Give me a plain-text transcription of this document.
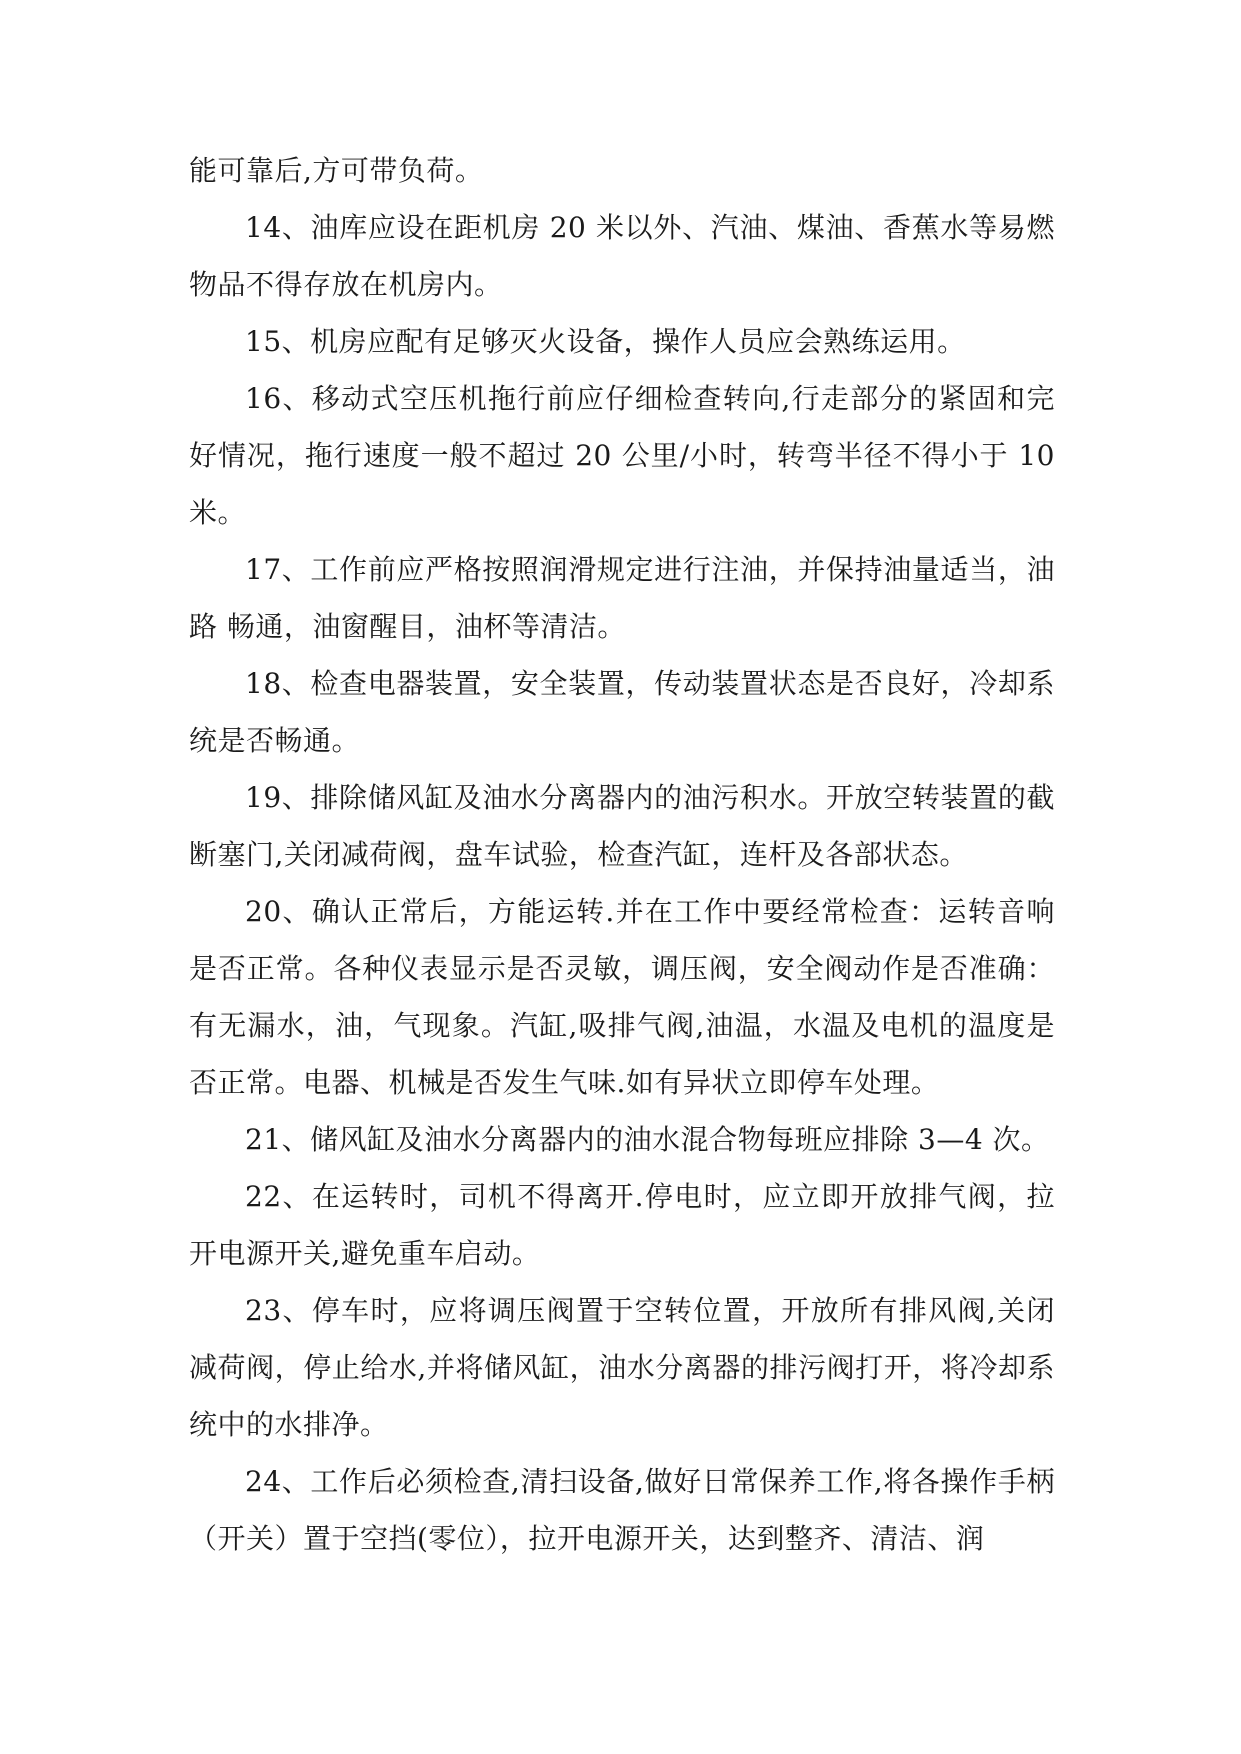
能可靠后,方可带负荷。

14、油库应设在距机房 20 米以外、汽油、煤油、香蕉水等易燃物品不得存放在机房内。

15、机房应配有足够灭火设备，操作人员应会熟练运用。

16、移动式空压机拖行前应仔细检查转向,行走部分的紧固和完好情况，拖行速度一般不超过 20 公里/小时，转弯半径不得小于 10 米。

17、工作前应严格按照润滑规定进行注油，并保持油量适当，油路 畅通，油窗醒目，油杯等清洁。

18、检查电器装置，安全装置，传动装置状态是否良好，冷却系统是否畅通。

19、排除储风缸及油水分离器内的油污积水。开放空转装置的截断塞门,关闭减荷阀，盘车试验，检查汽缸，连杆及各部状态。

20、确认正常后，方能运转.并在工作中要经常检查：运转音响是否正常。各种仪表显示是否灵敏，调压阀，安全阀动作是否准确：有无漏水，油，气现象。汽缸,吸排气阀,油温，水温及电机的温度是否正常。电器、机械是否发生气味.如有异状立即停车处理。

21、储风缸及油水分离器内的油水混合物每班应排除 3—4 次。

22、在运转时，司机不得离开.停电时，应立即开放排气阀，拉开电源开关,避免重车启动。

23、停车时，应将调压阀置于空转位置，开放所有排风阀,关闭减荷阀，停止给水,并将储风缸，油水分离器的排污阀打开，将冷却系统中的水排净。

24、工作后必须检查,清扫设备,做好日常保养工作,将各操作手柄（开关）置于空挡(零位），拉开电源开关，达到整齐、清洁、润
